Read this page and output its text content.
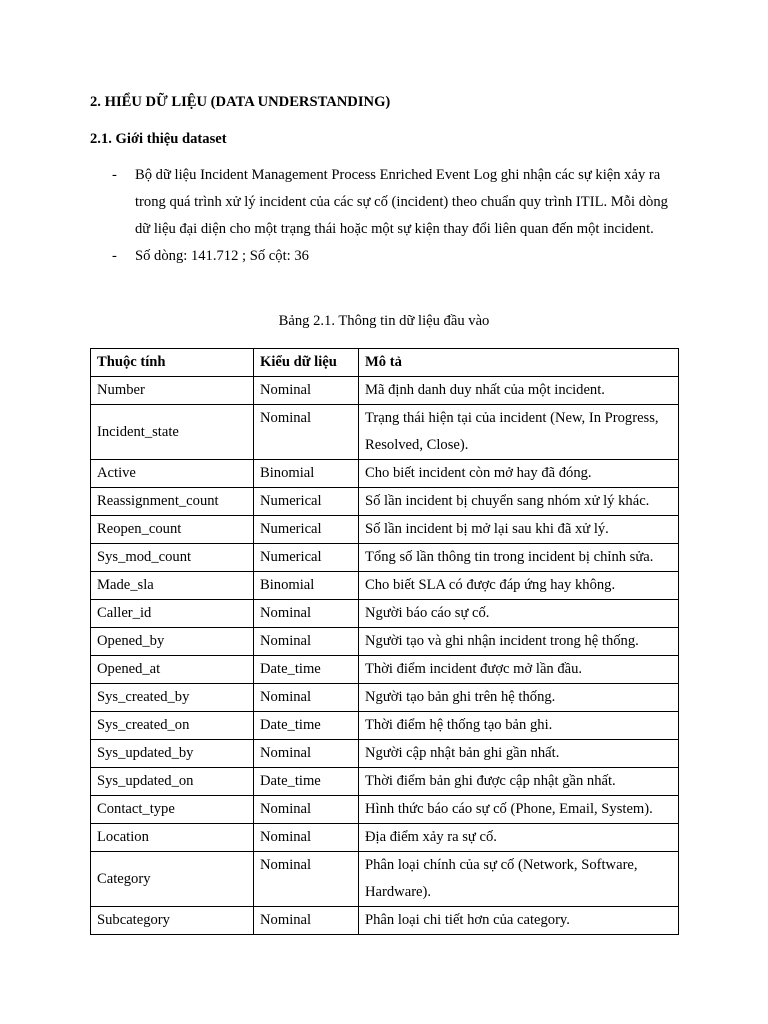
2. HIỂU DỮ LIỆU (DATA UNDERSTANDING)
2.1. Giới thiệu dataset
- Bộ dữ liệu Incident Management Process Enriched Event Log ghi nhận các sự kiện xảy ra trong quá trình xử lý incident của các sự cố (incident) theo chuẩn quy trình ITIL. Mỗi dòng dữ liệu đại diện cho một trạng thái hoặc một sự kiện thay đổi liên quan đến một incident.
- Số dòng: 141.712 ; Số cột: 36
Bảng 2.1. Thông tin dữ liệu đầu vào
Thuộc tính	Kiểu dữ liệu	Mô tả
Number	Nominal	Mã định danh duy nhất của một incident.
Incident_state	Nominal	Trạng thái hiện tại của incident (New, In Progress, Resolved, Close).
Active	Binomial	Cho biết incident còn mở hay đã đóng.
Reassignment_count	Numerical	Số lần incident bị chuyển sang nhóm xử lý khác.
Reopen_count	Numerical	Số lần incident bị mở lại sau khi đã xử lý.
Sys_mod_count	Numerical	Tổng số lần thông tin trong incident bị chỉnh sửa.
Made_sla	Binomial	Cho biết SLA có được đáp ứng hay không.
Caller_id	Nominal	Người báo cáo sự cố.
Opened_by	Nominal	Người tạo và ghi nhận incident trong hệ thống.
Opened_at	Date_time	Thời điểm incident được mở lần đầu.
Sys_created_by	Nominal	Người tạo bản ghi trên hệ thống.
Sys_created_on	Date_time	Thời điểm hệ thống tạo bản ghi.
Sys_updated_by	Nominal	Người cập nhật bản ghi gần nhất.
Sys_updated_on	Date_time	Thời điểm bản ghi được cập nhật gần nhất.
Contact_type	Nominal	Hình thức báo cáo sự cố (Phone, Email, System).
Location	Nominal	Địa điểm xảy ra sự cố.
Category	Nominal	Phân loại chính của sự cố (Network, Software, Hardware).
Subcategory	Nominal	Phân loại chi tiết hơn của category.
